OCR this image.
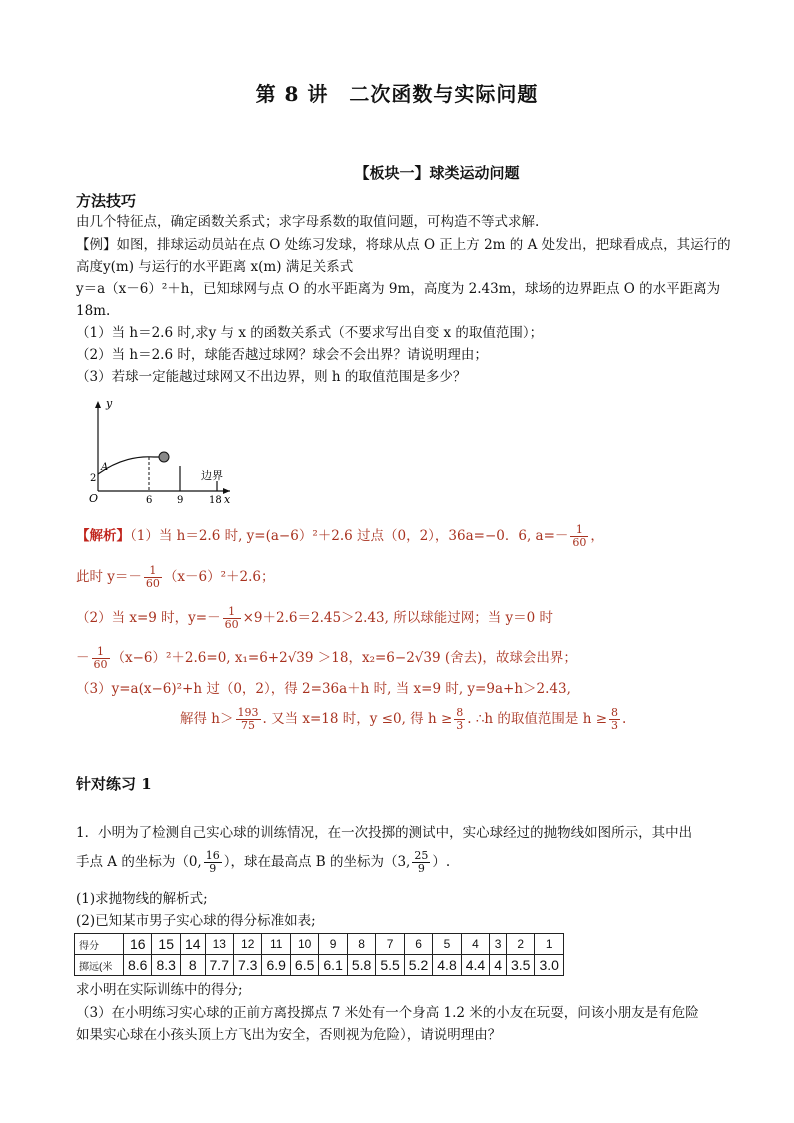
第 8 讲　二次函数与实际问题
【板块一】球类运动问题
方法技巧
由几个特征点，确定函数关系式；求字母系数的取值问题，可构造不等式求解.
【例】如图，排球运动员站在点 O 处练习发球，将球从点 O 正上方 2m 的 A 处发出，把球看成点，其运行的
高度y(m) 与运行的水平距离 x(m) 满足关系式
y＝a（x－6）²＋h，已知球网与点 O 的水平距离为 9m，高度为 2.43m，球场的边界距点 O 的水平距离为
18m.
（1）当 h＝2.6 时,求y 与 x 的函数关系式（不要求写出自变 x 的取值范围）；
（2）当 h＝2.6 时，球能否越过球网？球会不会出界？请说明理由；
（3）若球一定能越过球网又不出边界，则 h 的取值范围是多少？
y
x
O
A
2
6 9	18
边界
【解析】（1）当 h＝2.6 时, y=(a−6）²＋2.6 过点（0，2），36a=−0．6, $a=- \frac{1}{60}$ ，
此时 $y=- \frac{1}{60} (x-6)^2+2.6$；
（2）当 x=9 时，$y=- \frac{1}{60} \times 9+2.6=2.45>2.43$, 所以球能过网；当 y＝0 时
－ $\frac{1}{60} (x-6)^2+2.6=0$, x₁=6+2√39 ＞18，x₂=6−2√39 (舍去)，故球会出界；
（3）y=a(x−6)²+h 过（0，2），得 2=36a＋h 时, 当 x=9 时, y=9a+h＞2.43,
解得 $h> \frac{193}{75}$ . 又当 x=18 时，y ≤0, 得 $h \ge \frac{8}{3}$ . ∴h 的取值范围是 $h \ge \frac{8}{3}$ .
针对练习 1
1．小明为了检测自己实心球的训练情况，在一次投掷的测试中，实心球经过的抛物线如图所示，其中出
手点 A 的坐标为（0, $\frac{16}{9}$ ），球在最高点 B 的坐标为（3, $\frac{25}{9}$ ）.
(1)求抛物线的解析式;
(2)已知某市男子实心球的得分标准如表;
得分	16	15	14	13	12	11	10	9	8	7	6	5	4	3	2	1
掷远(米	8.6	8.3	8	7.7	7.3	6.9	6.5	6.1	5.8	5.5	5.2	4.8	4.4	4	3.5	3.0
求小明在实际训练中的得分;
（3）在小明练习实心球的正前方离投掷点 7 米处有一个身高 1.2 米的小友在玩耍，问该小朋友是有危险
如果实心球在小孩头顶上方飞出为安全，否则视为危险），请说明理由？
